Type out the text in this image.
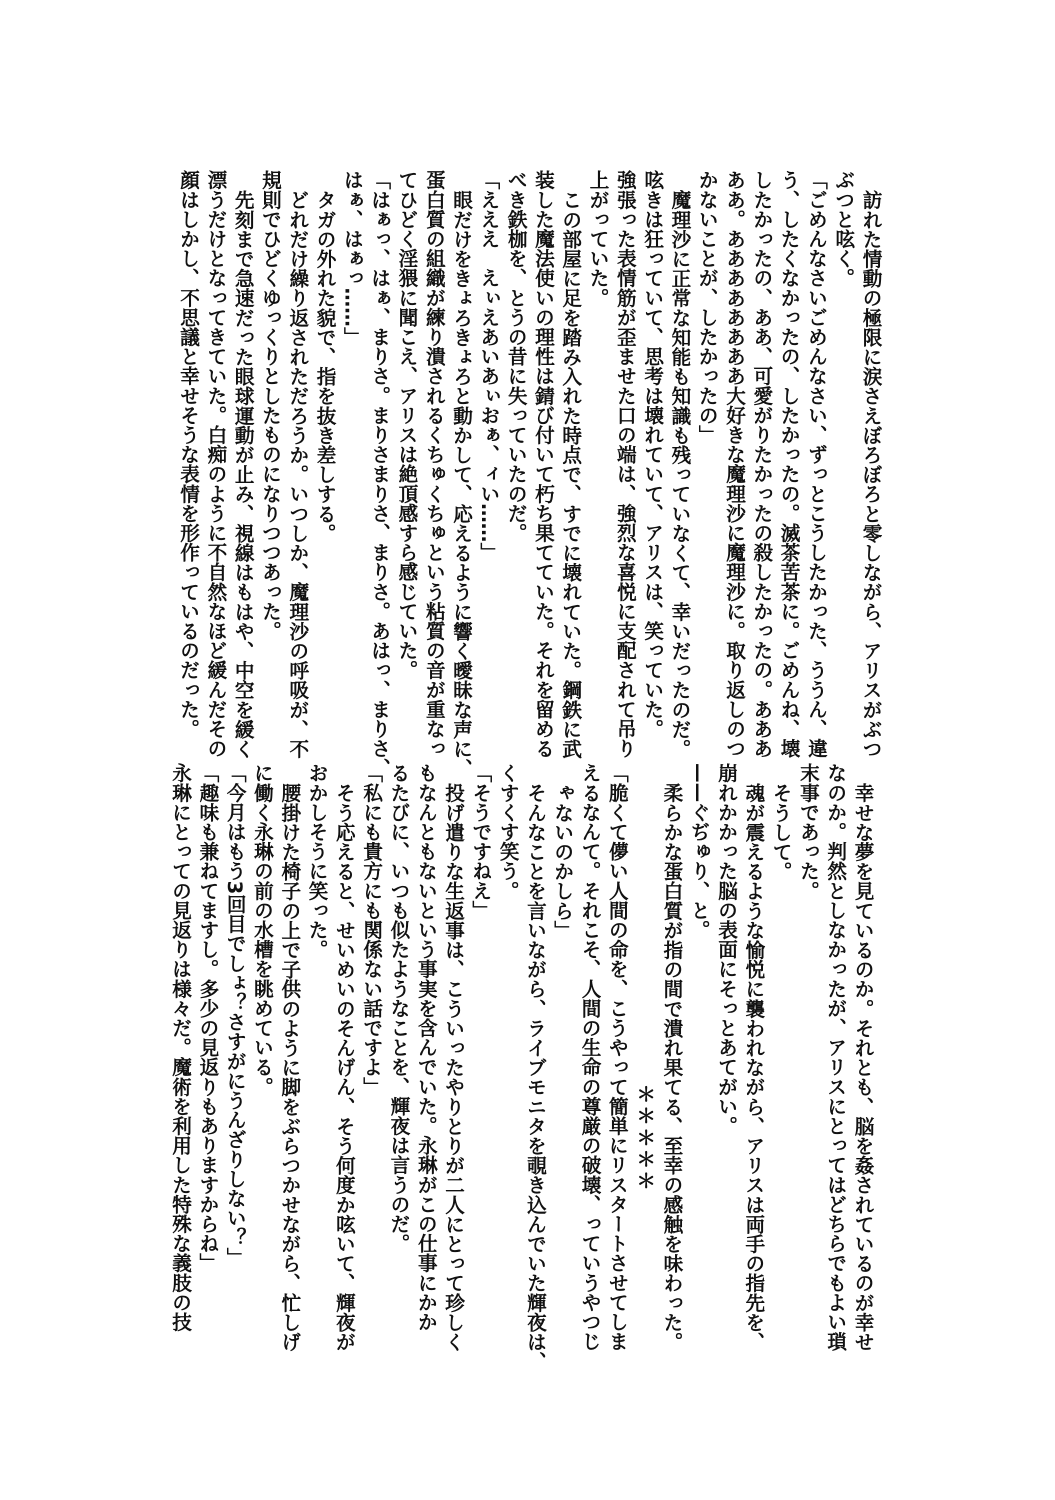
訪れた情動の極限に涙さえぼろぼろと零しながら、アリスがぶつ

ぶつと呟く。

「ごめんなさいごめんなさい、ずっとこうしたかった、ううん、違

う、したくなかったの、したかったの。滅茶苦茶に。ごめんね、壊

したかったの、ああ、可愛がりたかったの殺したかったの。あああ

ああ。ああああああああ大好きな魔理沙に魔理沙に。取り返しのつ

かないことが、したかったの」

魔理沙に正常な知能も知識も残っていなくて、幸いだったのだ。

呟きは狂っていて、思考は壊れていて、アリスは、笑っていた。

強張った表情筋が歪ませた口の端は、強烈な喜悦に支配されて吊り

上がっていた。

この部屋に足を踏み入れた時点で、すでに壊れていた。鋼鉄に武

装した魔法使いの理性は錆び付いて朽ち果てていた。それを留める

べき鉄枷を、とうの昔に失っていたのだ。

「えええ　えぃえあいあぃおぁ、ィい……」

眼だけをきょろきょろと動かして、応えるように響く曖昧な声に、

蛋白質の組織が練り潰されるくちゅくちゅという粘質の音が重なっ

てひどく淫猥に聞こえ、アリスは絶頂感すら感じていた。

「はぁっ、はぁ、まりさ。まりさまりさ、まりさ。あはっ、まりさ、

はぁ、はぁっ……」

タガの外れた貌で、指を抜き差しする。

どれだけ繰り返されただろうか。いつしか、魔理沙の呼吸が、不

規則でひどくゆっくりとしたものになりつつあった。

先刻まで急速だった眼球運動が止み、視線はもはや、中空を緩く

漂うだけとなってきていた。白痴のように不自然なほど緩んだその

顔はしかし、不思議と幸せそうな表情を形作っているのだった。

幸せな夢を見ているのか。それとも、脳を姦されているのが幸せ

なのか。判然としなかったが、アリスにとってはどちらでもよい瑣

末事であった。

そうして。

魂が震えるような愉悦に襲われながら、アリスは両手の指先を、

崩れかかった脳の表面にそっとあてがい。

——ぐぢゅり、と。

柔らかな蛋白質が指の間で潰れ果てる、至幸の感触を味わった。

＊＊＊＊＊

「脆くて儚い人間の命を、こうやって簡単にリスタートさせてしま

えるなんて。それこそ、人間の生命の尊厳の破壊、っていうやつじ

ゃないのかしら」

そんなことを言いながら、ライブモニタを覗き込んでいた輝夜は、

くすくす笑う。

「そうですねえ」

投げ遣りな生返事は、こういったやりとりが二人にとって珍しく

もなんともないという事実を含んでいた。永琳がこの仕事にかか

るたびに、いつも似たようなことを、輝夜は言うのだ。

「私にも貴方にも関係ない話ですよ」

そう応えると、せいめいのそんげん、そう何度か呟いて、輝夜が

おかしそうに笑った。

腰掛けた椅子の上で子供のように脚をぶらつかせながら、忙しげ

に働く永琳の前の水槽を眺めている。

「今月はもう3回目でしょ？さすがにうんざりしない？」

「趣味も兼ねてますし。多少の見返りもありますからね」

永琳にとっての見返りは様々だ。魔術を利用した特殊な義肢の技
